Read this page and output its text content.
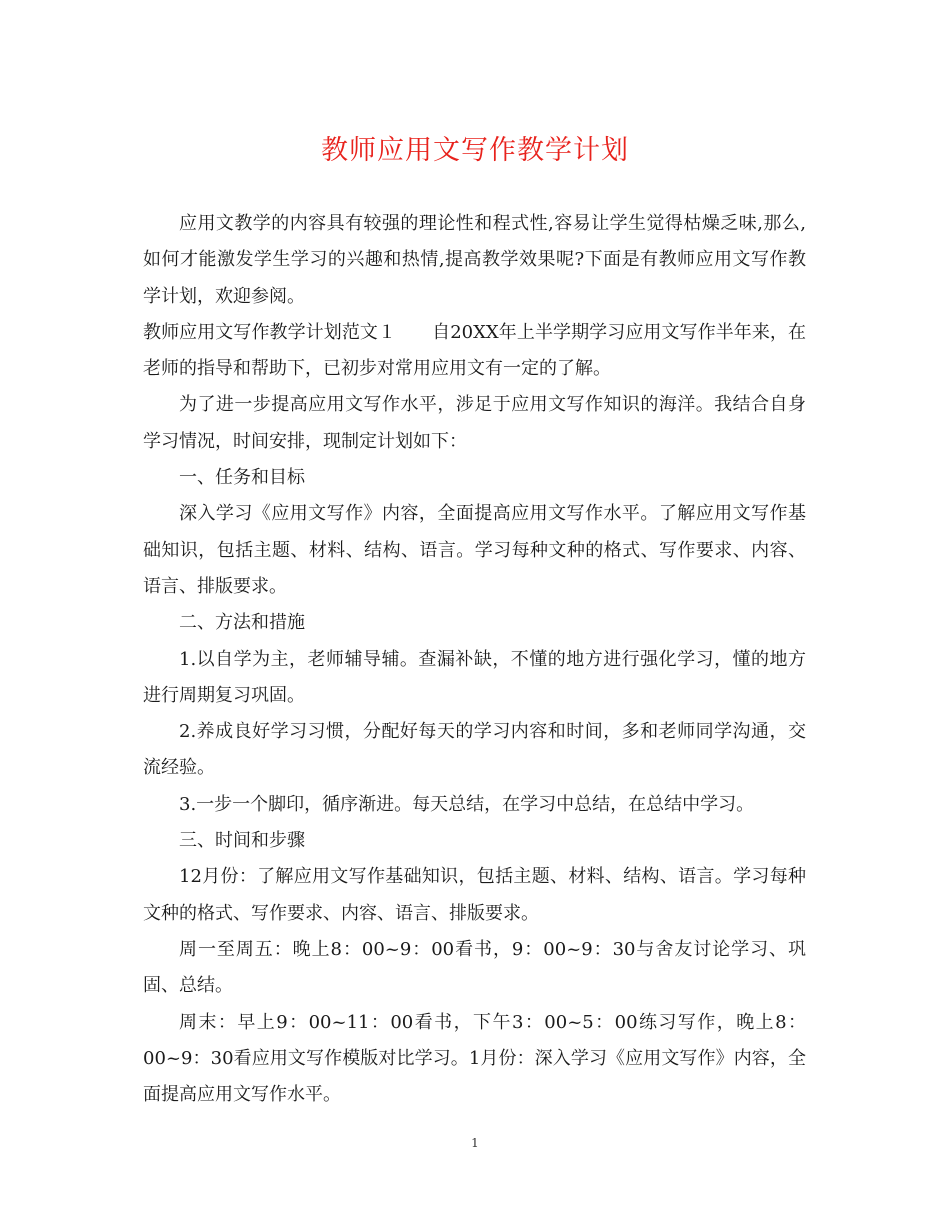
教师应用文写作教学计划

应用文教学的内容具有较强的理论性和程式性,容易让学生觉得枯燥乏味,那么,如何才能激发学生学习的兴趣和热情,提高教学效果呢?下面是有教师应用文写作教学计划，欢迎参阅。

教师应用文写作教学计划范文１ 自20XX年上半学期学习应用文写作半年来，在老师的指导和帮助下，已初步对常用应用文有一定的了解。

为了进一步提高应用文写作水平，涉足于应用文写作知识的海洋。我结合自身学习情况，时间安排，现制定计划如下：

一、任务和目标

深入学习《应用文写作》内容，全面提高应用文写作水平。了解应用文写作基础知识，包括主题、材料、结构、语言。学习每种文种的格式、写作要求、内容、语言、排版要求。

二、方法和措施

1.以自学为主，老师辅导辅。查漏补缺，不懂的地方进行强化学习，懂的地方进行周期复习巩固。

2.养成良好学习习惯，分配好每天的学习内容和时间，多和老师同学沟通，交流经验。

3.一步一个脚印，循序渐进。每天总结，在学习中总结，在总结中学习。

三、时间和步骤

12月份：了解应用文写作基础知识，包括主题、材料、结构、语言。学习每种文种的格式、写作要求、内容、语言、排版要求。

周一至周五：晚上8：00~9：00看书，9：00~9：30与舍友讨论学习、巩固、总结。

周末：早上9：00~11：00看书，下午3：00~5：00练习写作，晚上8：00~9：30看应用文写作模版对比学习。1月份：深入学习《应用文写作》内容，全面提高应用文写作水平。

1
